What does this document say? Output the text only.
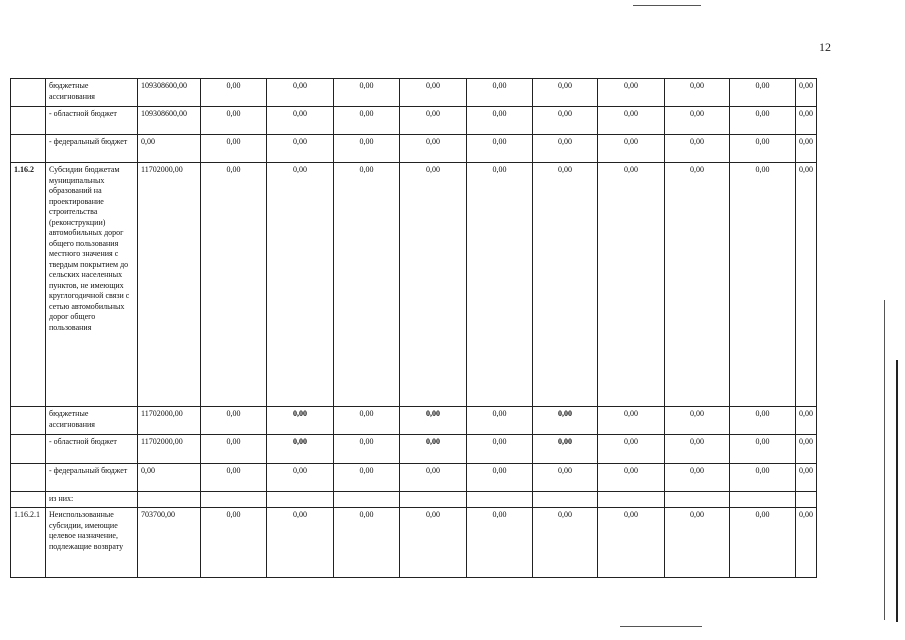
12
	бюджетные ассигнования	109308600,00	0,00	0,00	0,00	0,00	0,00	0,00	0,00	0,00	0,00	0,00
	- областной бюджет	109308600,00	0,00	0,00	0,00	0,00	0,00	0,00	0,00	0,00	0,00	0,00
	- федеральный бюджет	0,00	0,00	0,00	0,00	0,00	0,00	0,00	0,00	0,00	0,00	0,00
1.16.2	Субсидии бюджетам муниципальных образований на проектирование строительства (реконструкции) автомобильных дорог общего пользования местного значения с твердым покрытием до сельских населенных пунктов, не имеющих круглогодичной связи с сетью автомобильных дорог общего пользования	11702000,00	0,00	0,00	0,00	0,00	0,00	0,00	0,00	0,00	0,00	0,00
	бюджетные ассигнования	11702000,00	0,00	0,00	0,00	0,00	0,00	0,00	0,00	0,00	0,00	0,00
	- областной бюджет	11702000,00	0,00	0,00	0,00	0,00	0,00	0,00	0,00	0,00	0,00	0,00
	- федеральный бюджет	0,00	0,00	0,00	0,00	0,00	0,00	0,00	0,00	0,00	0,00	0,00
	из них:											
1.16.2.1	Неиспользованные субсидии, имеющие целевое назначение, подлежащие возврату	703700,00	0,00	0,00	0,00	0,00	0,00	0,00	0,00	0,00	0,00	0,00
